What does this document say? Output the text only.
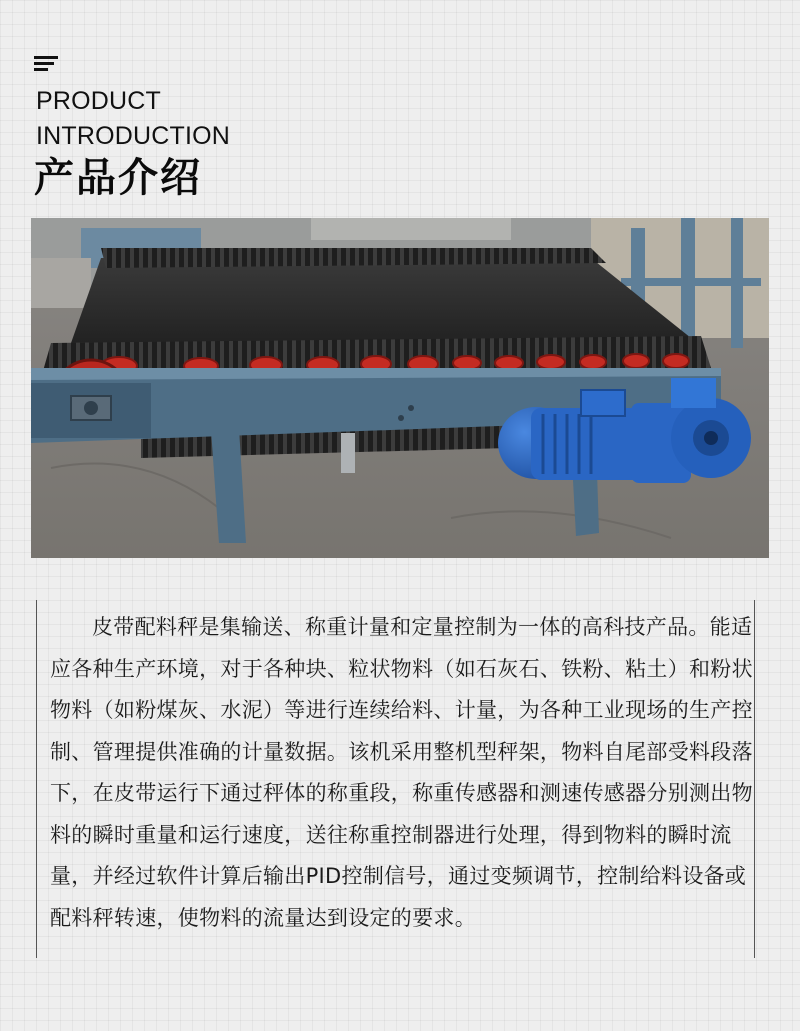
PRODUCT
INTRODUCTION
产品介绍

皮带配料秤是集输送、称重计量和定量控制为一体的高科技产品。能适应各种生产环境，对于各种块、粒状物料（如石灰石、铁粉、粘土）和粉状物料（如粉煤灰、水泥）等进行连续给料、计量，为各种工业现场的生产控制、管理提供准确的计量数据。该机采用整机型秤架，物料自尾部受料段落下，在皮带运行下通过秤体的称重段，称重传感器和测速传感器分别测出物料的瞬时重量和运行速度，送往称重控制器进行处理，得到物料的瞬时流量，并经过软件计算后输出PID控制信号，通过变频调节，控制给料设备或配料秤转速，使物料的流量达到设定的要求。
